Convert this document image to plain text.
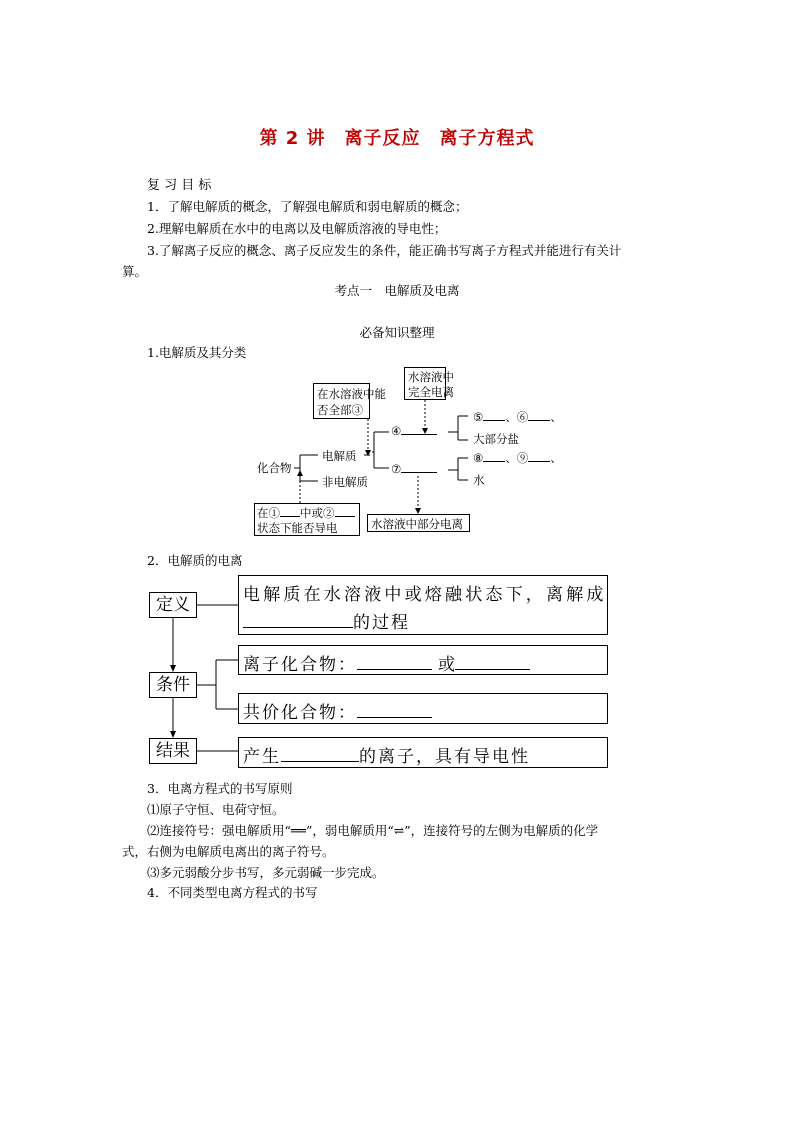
第 2 讲　离子反应　离子方程式
复 习 目 标
1．了解电解质的概念，了解强电解质和弱电解质的概念；
2.理解电解质在水中的电离以及电解质溶液的导电性；
3.了解离子反应的概念、离子反应发生的条件，能正确书写离子方程式并能进行有关计
算。
考点一　电解质及电离
必备知识整理
1.电解质及其分类
在水溶液中能
否全部③
水溶液中
完全电离
在① 中或②
状态下能否导电	水溶液中部分电离
化合物
电解质
非电解质
④
⑦
⑤ 、⑥ 、
大部分盐
⑧ 、⑨ 、
水
2．电解质的电离
定义	电解质在水溶液中或熔融状态下，离解成
的过程
条件
离子化合物：	或
共价化合物：
结果	产生	的离子，具有导电性
3．电离方程式的书写原则
⑴原子守恒、电荷守恒。
⑵连接符号：强电解质用“══”，弱电解质用“⇌”，连接符号的左侧为电解质的化学
式，右侧为电解质电离出的离子符号。
⑶多元弱酸分步书写，多元弱碱一步完成。
4．不同类型电离方程式的书写
